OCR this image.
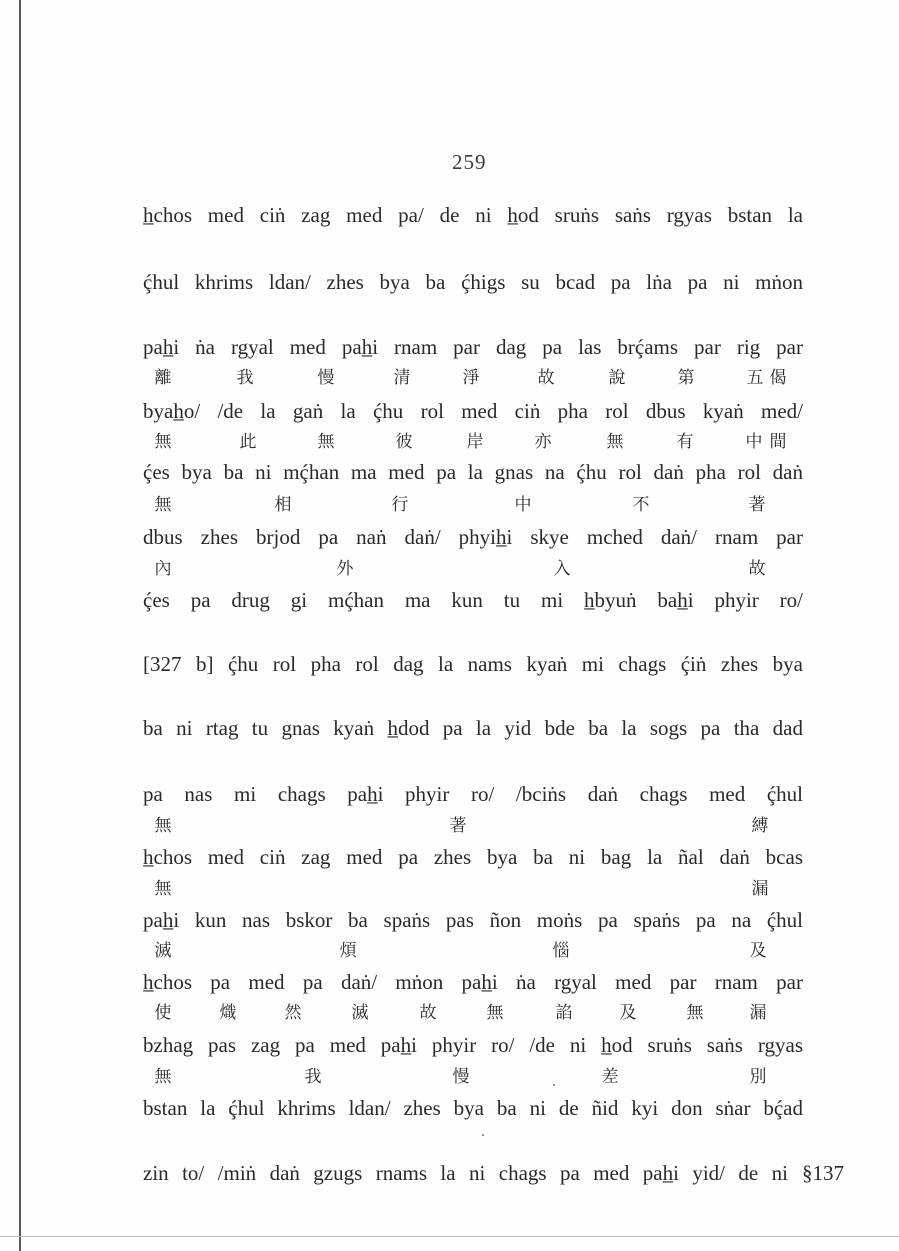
259
h̲chos med ciṅ zag med pa/ de ni h̲od sruṅs saṅs rgyas bstan la
ḉhul khrims ldan/ zhes bya ba ḉhigs su bcad pa lṅa pa ni mṅon
pah̲i ṅa rgyal med pah̲i rnam par dag pa las brḉams par rig par
byah̲o/ /de la gaṅ la ḉhu rol med ciṅ pha rol dbus kyaṅ med/
ḉes bya ba ni mḉhan ma med pa la gnas na ḉhu rol daṅ pha rol daṅ
dbus zhes brjod pa naṅ daṅ/ phyih̲i skye mched daṅ/ rnam par
ḉes pa drug gi mḉhan ma kun tu mi h̲byuṅ bah̲i phyir ro/
[327 b] ḉhu rol pha rol dag la nams kyaṅ mi chags ḉiṅ zhes bya
ba ni rtag tu gnas kyaṅ h̲dod pa la yid bde ba la sogs pa tha dad
pa nas mi chags pah̲i phyir ro/ /bciṅs daṅ chags med ḉhul
h̲chos med ciṅ zag med pa zhes bya ba ni bag la ñal daṅ bcas
pah̲i kun nas bskor ba spaṅs pas ñon moṅs pa spaṅs pa na ḉhul
h̲chos pa med pa daṅ/ mṅon pah̲i ṅa rgyal med par rnam par
bzhag pas zag pa med pah̲i phyir ro/ /de ni h̲od sruṅs saṅs rgyas
bstan la ḉhul khrims ldan/ zhes bya ba ni de ñid kyi don sṅar bḉad
zin to/ /miṅ daṅ gzugs rnams la ni chags pa med pah̲i yid/ de ni §137
離	我	慢	清	淨	故	說	第	五 偈
無	此	無	彼	岸	亦	無	有	中 間
無	相	行	中	不	著
內	外	入	故
無	著	縛
無	漏
滅	煩	惱	及
使	熾	然	滅	故	無	諂	及	無	漏
無	我	慢	差	別
